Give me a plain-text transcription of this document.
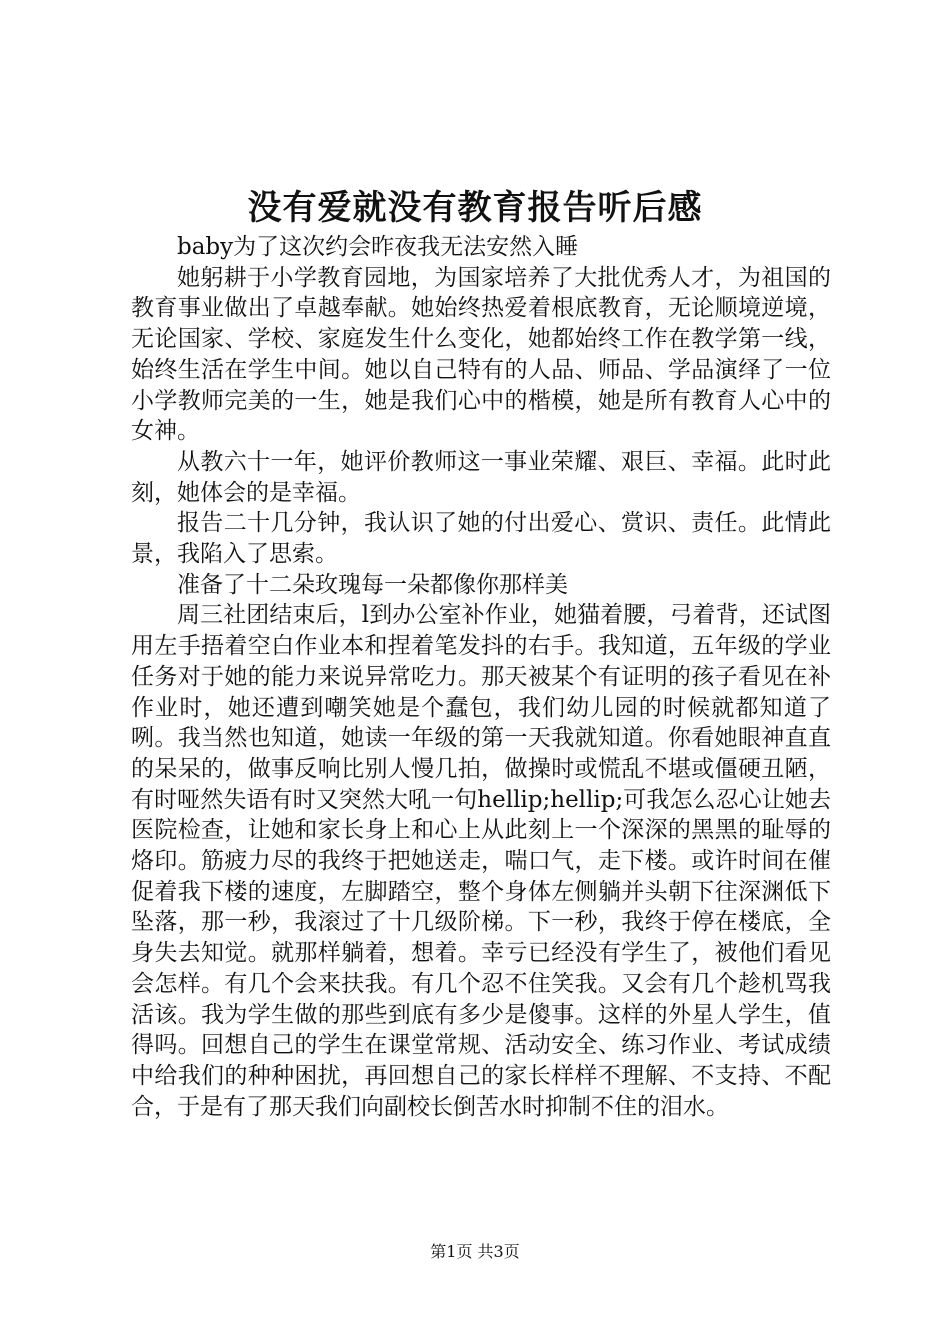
没有爱就没有教育报告听后感

baby为了这次约会昨夜我无法安然入睡

她躬耕于小学教育园地，为国家培养了大批优秀人才，为祖国的教育事业做出了卓越奉献。她始终热爱着根底教育，无论顺境逆境，无论国家、学校、家庭发生什么变化，她都始终工作在教学第一线，始终生活在学生中间。她以自己特有的人品、师品、学品演绎了一位小学教师完美的一生，她是我们心中的楷模，她是所有教育人心中的女神。

从教六十一年，她评价教师这一事业荣耀、艰巨、幸福。此时此刻，她体会的是幸福。

报告二十几分钟，我认识了她的付出爱心、赏识、责任。此情此景，我陷入了思索。

准备了十二朵玫瑰每一朵都像你那样美

周三社团结束后，l到办公室补作业，她猫着腰，弓着背，还试图用左手捂着空白作业本和捏着笔发抖的右手。我知道，五年级的学业任务对于她的能力来说异常吃力。那天被某个有证明的孩子看见在补作业时，她还遭到嘲笑她是个蠢包，我们幼儿园的时候就都知道了咧。我当然也知道，她读一年级的第一天我就知道。你看她眼神直直的呆呆的，做事反响比别人慢几拍，做操时或慌乱不堪或僵硬丑陋，有时哑然失语有时又突然大吼一句hellip;hellip;可我怎么忍心让她去医院检查，让她和家长身上和心上从此刻上一个深深的黑黑的耻辱的烙印。筋疲力尽的我终于把她送走，喘口气，走下楼。或许时间在催促着我下楼的速度，左脚踏空，整个身体左侧躺并头朝下往深渊低下坠落，那一秒，我滚过了十几级阶梯。下一秒，我终于停在楼底，全身失去知觉。就那样躺着，想着。幸亏已经没有学生了，被他们看见会怎样。有几个会来扶我。有几个忍不住笑我。又会有几个趁机骂我活该。我为学生做的那些到底有多少是傻事。这样的外星人学生，值得吗。回想自己的学生在课堂常规、活动安全、练习作业、考试成绩中给我们的种种困扰，再回想自己的家长样样不理解、不支持、不配合，于是有了那天我们向副校长倒苦水时抑制不住的泪水。

第1页 共3页
